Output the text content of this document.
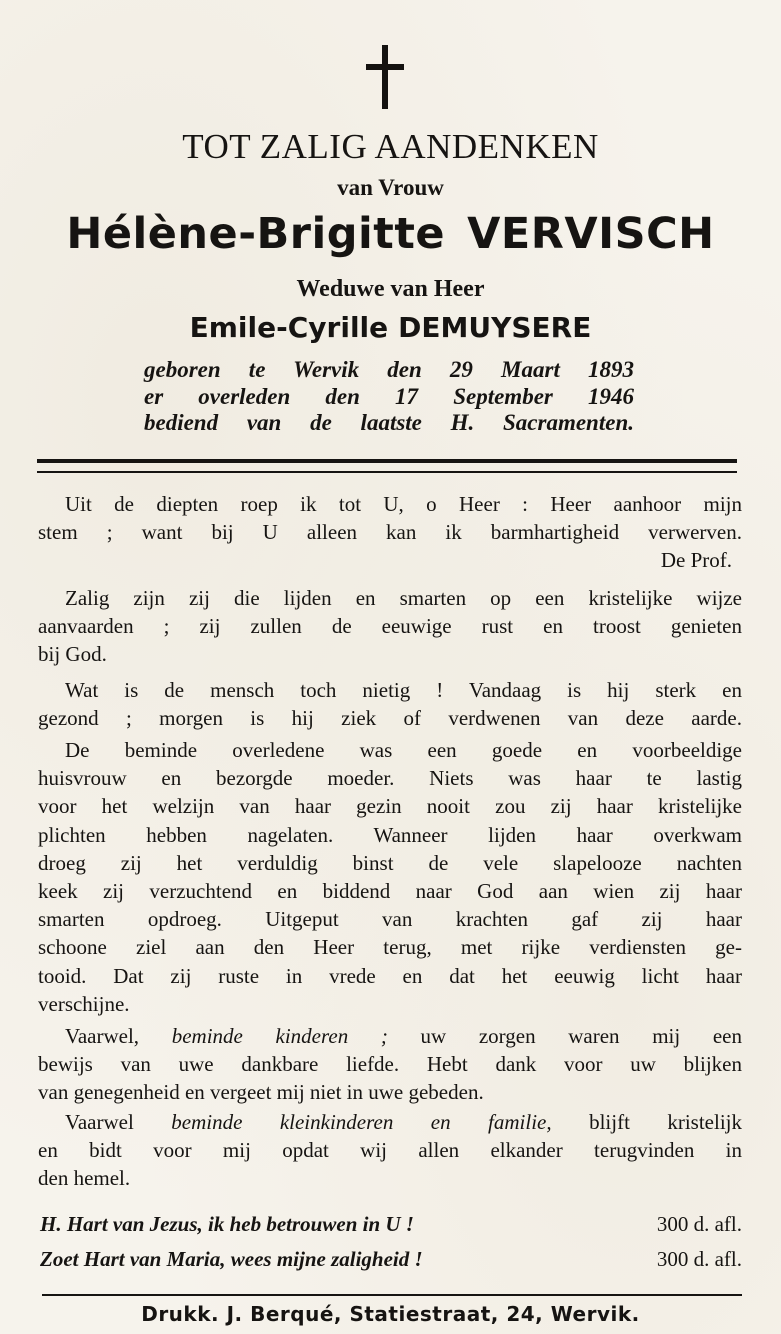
TOT ZALIG AANDENKEN
van Vrouw
Hélène-Brigitte VERVISCH
Weduwe van Heer
Emile-Cyrille DEMUYSERE
geboren te Wervik den 29 Maart 1893
er overleden den 17 September 1946
bediend van de laatste H. Sacramenten.
Uit de diepten roep ik tot U, o Heer : Heer aanhoor mijn
stem ; want bij U alleen kan ik barmhartigheid verwerven.
De Prof.
Zalig zijn zij die lijden en smarten op een kristelijke wijze
aanvaarden ; zij zullen de eeuwige rust en troost genieten
bij God.
Wat is de mensch toch nietig ! Vandaag is hij sterk en
gezond ; morgen is hij ziek of verdwenen van deze aarde.
De beminde overledene was een goede en voorbeeldige
huisvrouw en bezorgde moeder. Niets was haar te lastig
voor het welzijn van haar gezin nooit zou zij haar kristelijke
plichten hebben nagelaten. Wanneer lijden haar overkwam
droeg zij het verduldig binst de vele slapelooze nachten
keek zij verzuchtend en biddend naar God aan wien zij haar
smarten opdroeg. Uitgeput van krachten gaf zij haar
schoone ziel aan den Heer terug, met rijke verdiensten ge-
tooid. Dat zij ruste in vrede en dat het eeuwig licht haar
verschijne.
Vaarwel, beminde kinderen ; uw zorgen waren mij een
bewijs van uwe dankbare liefde. Hebt dank voor uw blijken
van genegenheid en vergeet mij niet in uwe gebeden.
Vaarwel beminde kleinkinderen en familie, blijft kristelijk
en bidt voor mij opdat wij allen elkander terugvinden in
den hemel.
H. Hart van Jezus, ik heb betrouwen in U !	300 d. afl.
Zoet Hart van Maria, wees mijne zaligheid !	300 d. afl.
Drukk. J. Berqué, Statiestraat, 24, Wervik.
